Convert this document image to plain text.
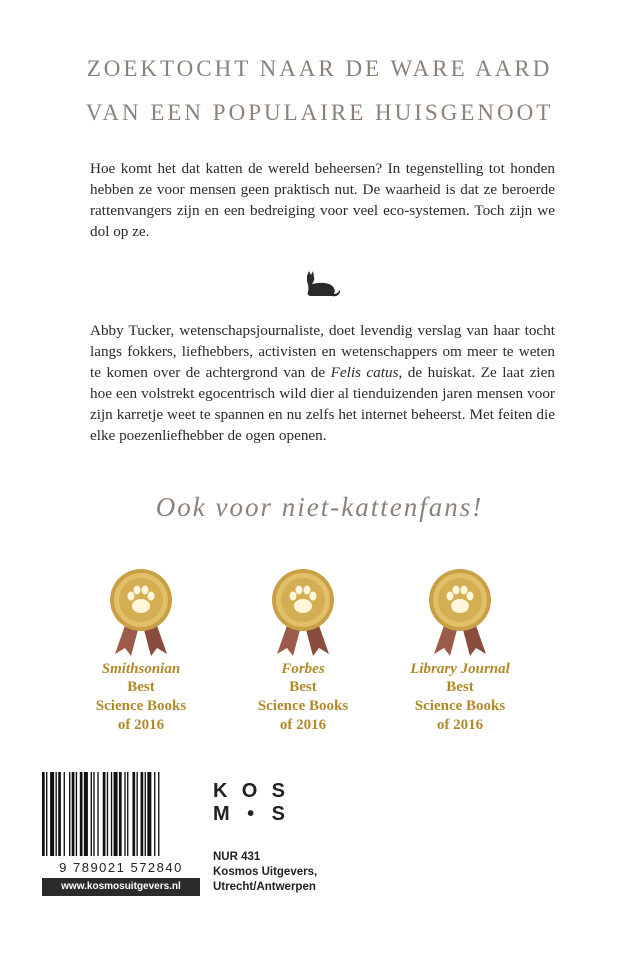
ZOEKTOCHT NAAR DE WARE AARD
VAN EEN POPULAIRE HUISGENOOT
Hoe komt het dat katten de wereld beheersen? In tegenstelling tot honden hebben ze voor mensen geen praktisch nut. De waarheid is dat ze beroerde rattenvangers zijn en een bedreiging voor veel eco-systemen. Toch zijn we dol op ze.
Abby Tucker, wetenschapsjournaliste, doet levendig verslag van haar tocht langs fokkers, liefhebbers, activisten en wetenschappers om meer te weten te komen over de achtergrond van de Felis catus, de huiskat. Ze laat zien hoe een volstrekt egocentrisch wild dier al tienduizenden jaren mensen voor zijn karretje weet te spannen en nu zelfs het internet beheerst. Met feiten die elke poezenliefhebber de ogen openen.
Ook voor niet-kattenfans!
Smithsonian
Best
Science Books
of 2016
Forbes
Best
Science Books
of 2016
Library Journal
Best
Science Books
of 2016
9 789021 572840
www.kosmosuitgevers.nl
K O S
M • S
NUR 431
Kosmos Uitgevers,
Utrecht/Antwerpen
